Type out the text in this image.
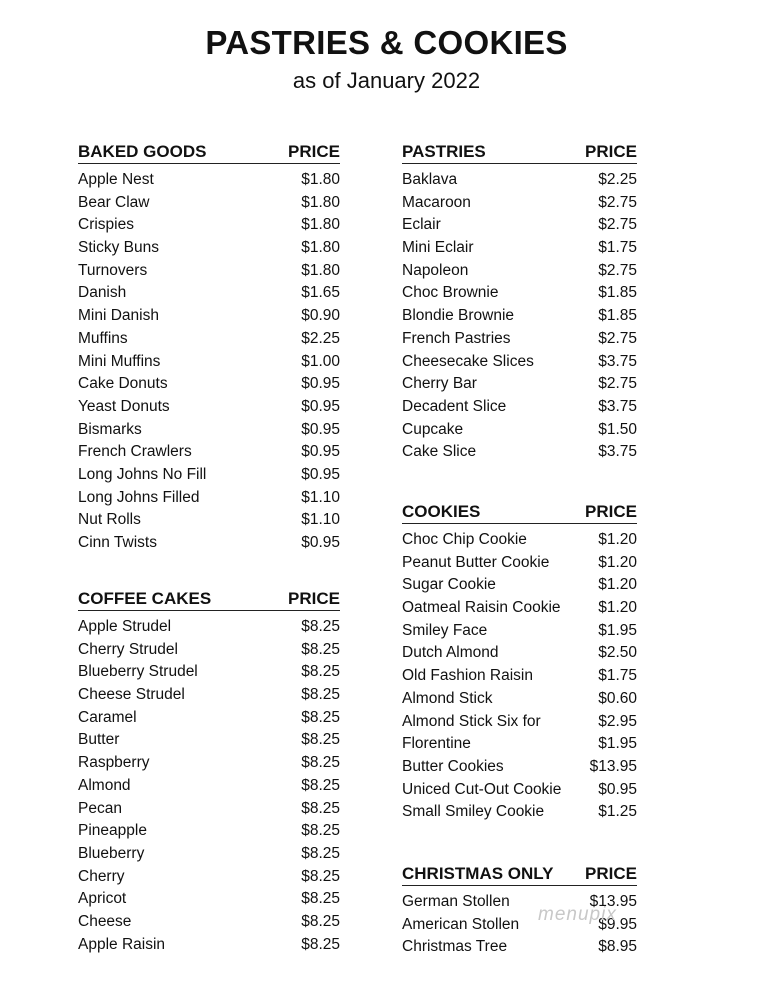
PASTRIES & COOKIES
as of January 2022
BAKED GOODS	PRICE
Apple Nest	$1.80
Bear Claw	$1.80
Crispies	$1.80
Sticky Buns	$1.80
Turnovers	$1.80
Danish	$1.65
Mini Danish	$0.90
Muffins	$2.25
Mini Muffins	$1.00
Cake Donuts	$0.95
Yeast Donuts	$0.95
Bismarks	$0.95
French Crawlers	$0.95
Long Johns No Fill	$0.95
Long Johns Filled	$1.10
Nut Rolls	$1.10
Cinn Twists	$0.95
COFFEE CAKES	PRICE
Apple Strudel	$8.25
Cherry Strudel	$8.25
Blueberry Strudel	$8.25
Cheese Strudel	$8.25
Caramel	$8.25
Butter	$8.25
Raspberry	$8.25
Almond	$8.25
Pecan	$8.25
Pineapple	$8.25
Blueberry	$8.25
Cherry	$8.25
Apricot	$8.25
Cheese	$8.25
Apple Raisin	$8.25
PASTRIES	PRICE
Baklava	$2.25
Macaroon	$2.75
Eclair	$2.75
Mini Eclair	$1.75
Napoleon	$2.75
Choc Brownie	$1.85
Blondie Brownie	$1.85
French Pastries	$2.75
Cheesecake Slices	$3.75
Cherry Bar	$2.75
Decadent Slice	$3.75
Cupcake	$1.50
Cake Slice	$3.75
COOKIES	PRICE
Choc Chip Cookie	$1.20
Peanut Butter Cookie	$1.20
Sugar Cookie	$1.20
Oatmeal Raisin Cookie $1.20
Smiley Face	$1.95
Dutch Almond	$2.50
Old Fashion Raisin	$1.75
Almond Stick	$0.60
Almond Stick Six for	$2.95
Florentine	$1.95
Butter Cookies	$13.95
Uniced Cut-Out Cookie $0.95
Small Smiley Cookie	$1.25
CHRISTMAS ONLY PRICE
German Stollen	$13.95
American Stollen	$9.95
Christmas Tree	$8.95
menupix
